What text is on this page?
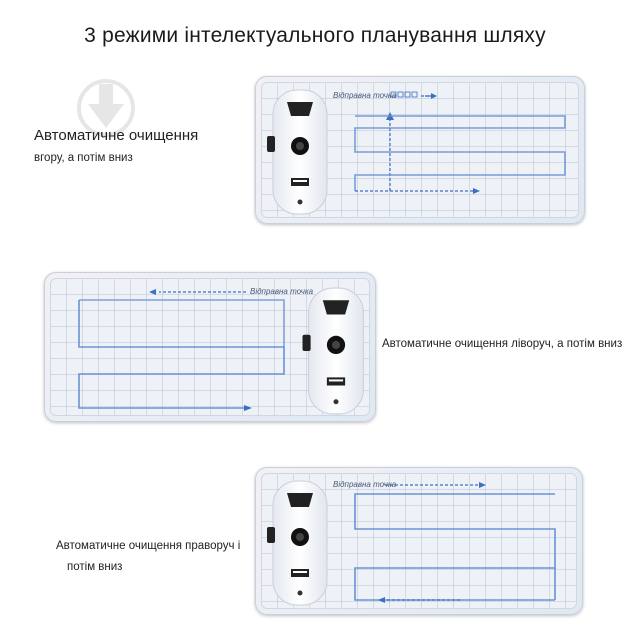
3 режими інтелектуального планування шляху
Автоматичне очищення
вгору, а потім вниз
Відправна точка
Відправна точка
Автоматичне очищення ліворуч, а потім вниз
Автоматичне очищення праворуч і
потім вниз
Відправна точка
